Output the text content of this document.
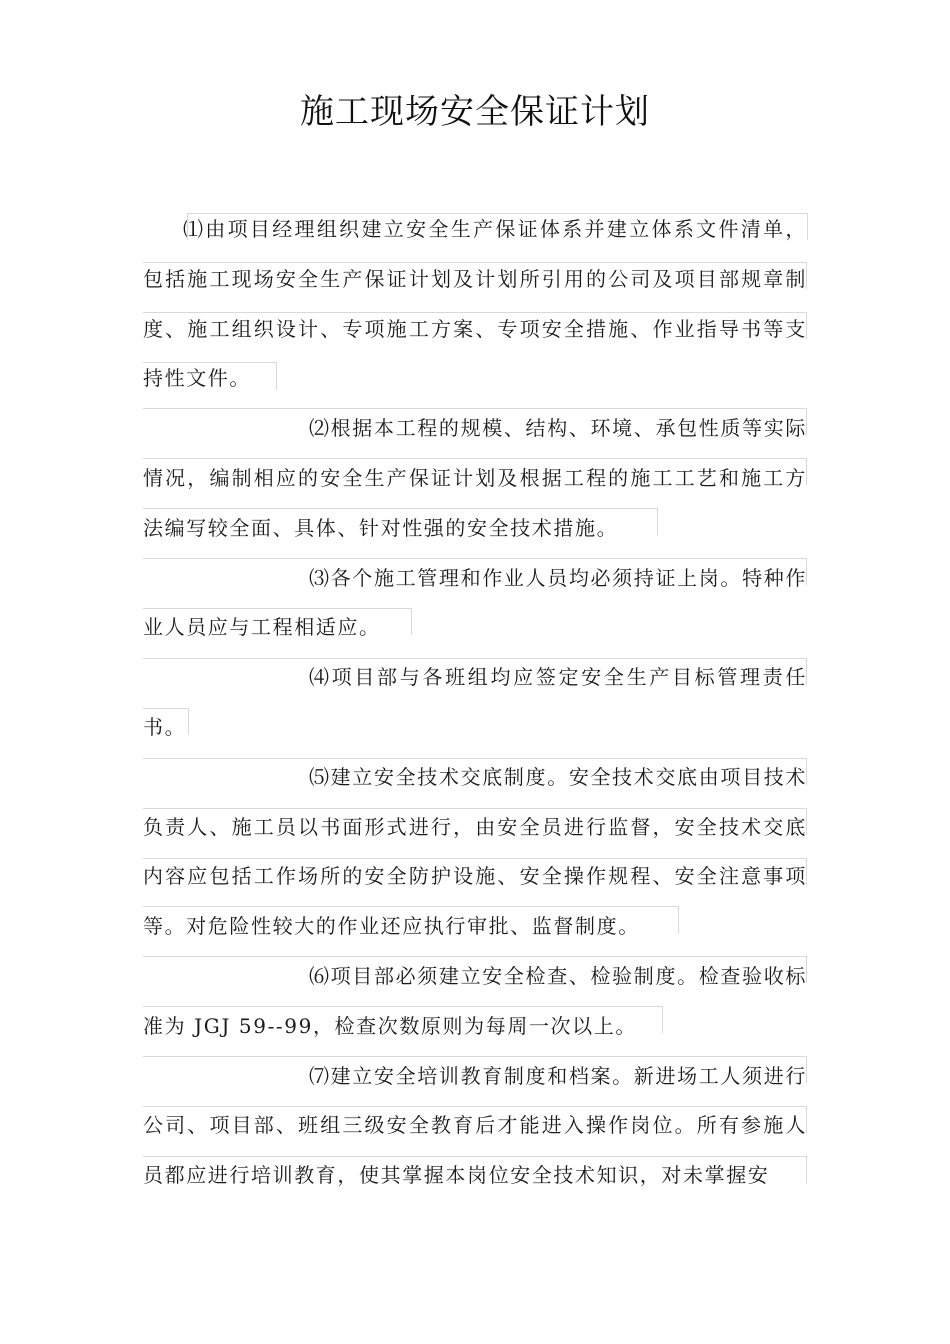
施工现场安全保证计划

⑴由项目经理组织建立安全生产保证体系并建立体系文件清单，包括施工现场安全生产保证计划及计划所引用的公司及项目部规章制度、施工组织设计、专项施工方案、专项安全措施、作业指导书等支持性文件。

⑵根据本工程的规模、结构、环境、承包性质等实际情况，编制相应的安全生产保证计划及根据工程的施工工艺和施工方法编写较全面、具体、针对性强的安全技术措施。

⑶各个施工管理和作业人员均必须持证上岗。特种作业人员应与工程相适应。

⑷项目部与各班组均应签定安全生产目标管理责任书。

⑸建立安全技术交底制度。安全技术交底由项目技术负责人、施工员以书面形式进行，由安全员进行监督，安全技术交底内容应包括工作场所的安全防护设施、安全操作规程、安全注意事项等。对危险性较大的作业还应执行审批、监督制度。

⑹项目部必须建立安全检查、检验制度。检查验收标准为 JGJ 59--99，检查次数原则为每周一次以上。

⑺建立安全培训教育制度和档案。新进场工人须进行公司、项目部、班组三级安全教育后才能进入操作岗位。所有参施人员都应进行培训教育，使其掌握本岗位安全技术知识，对未掌握安
